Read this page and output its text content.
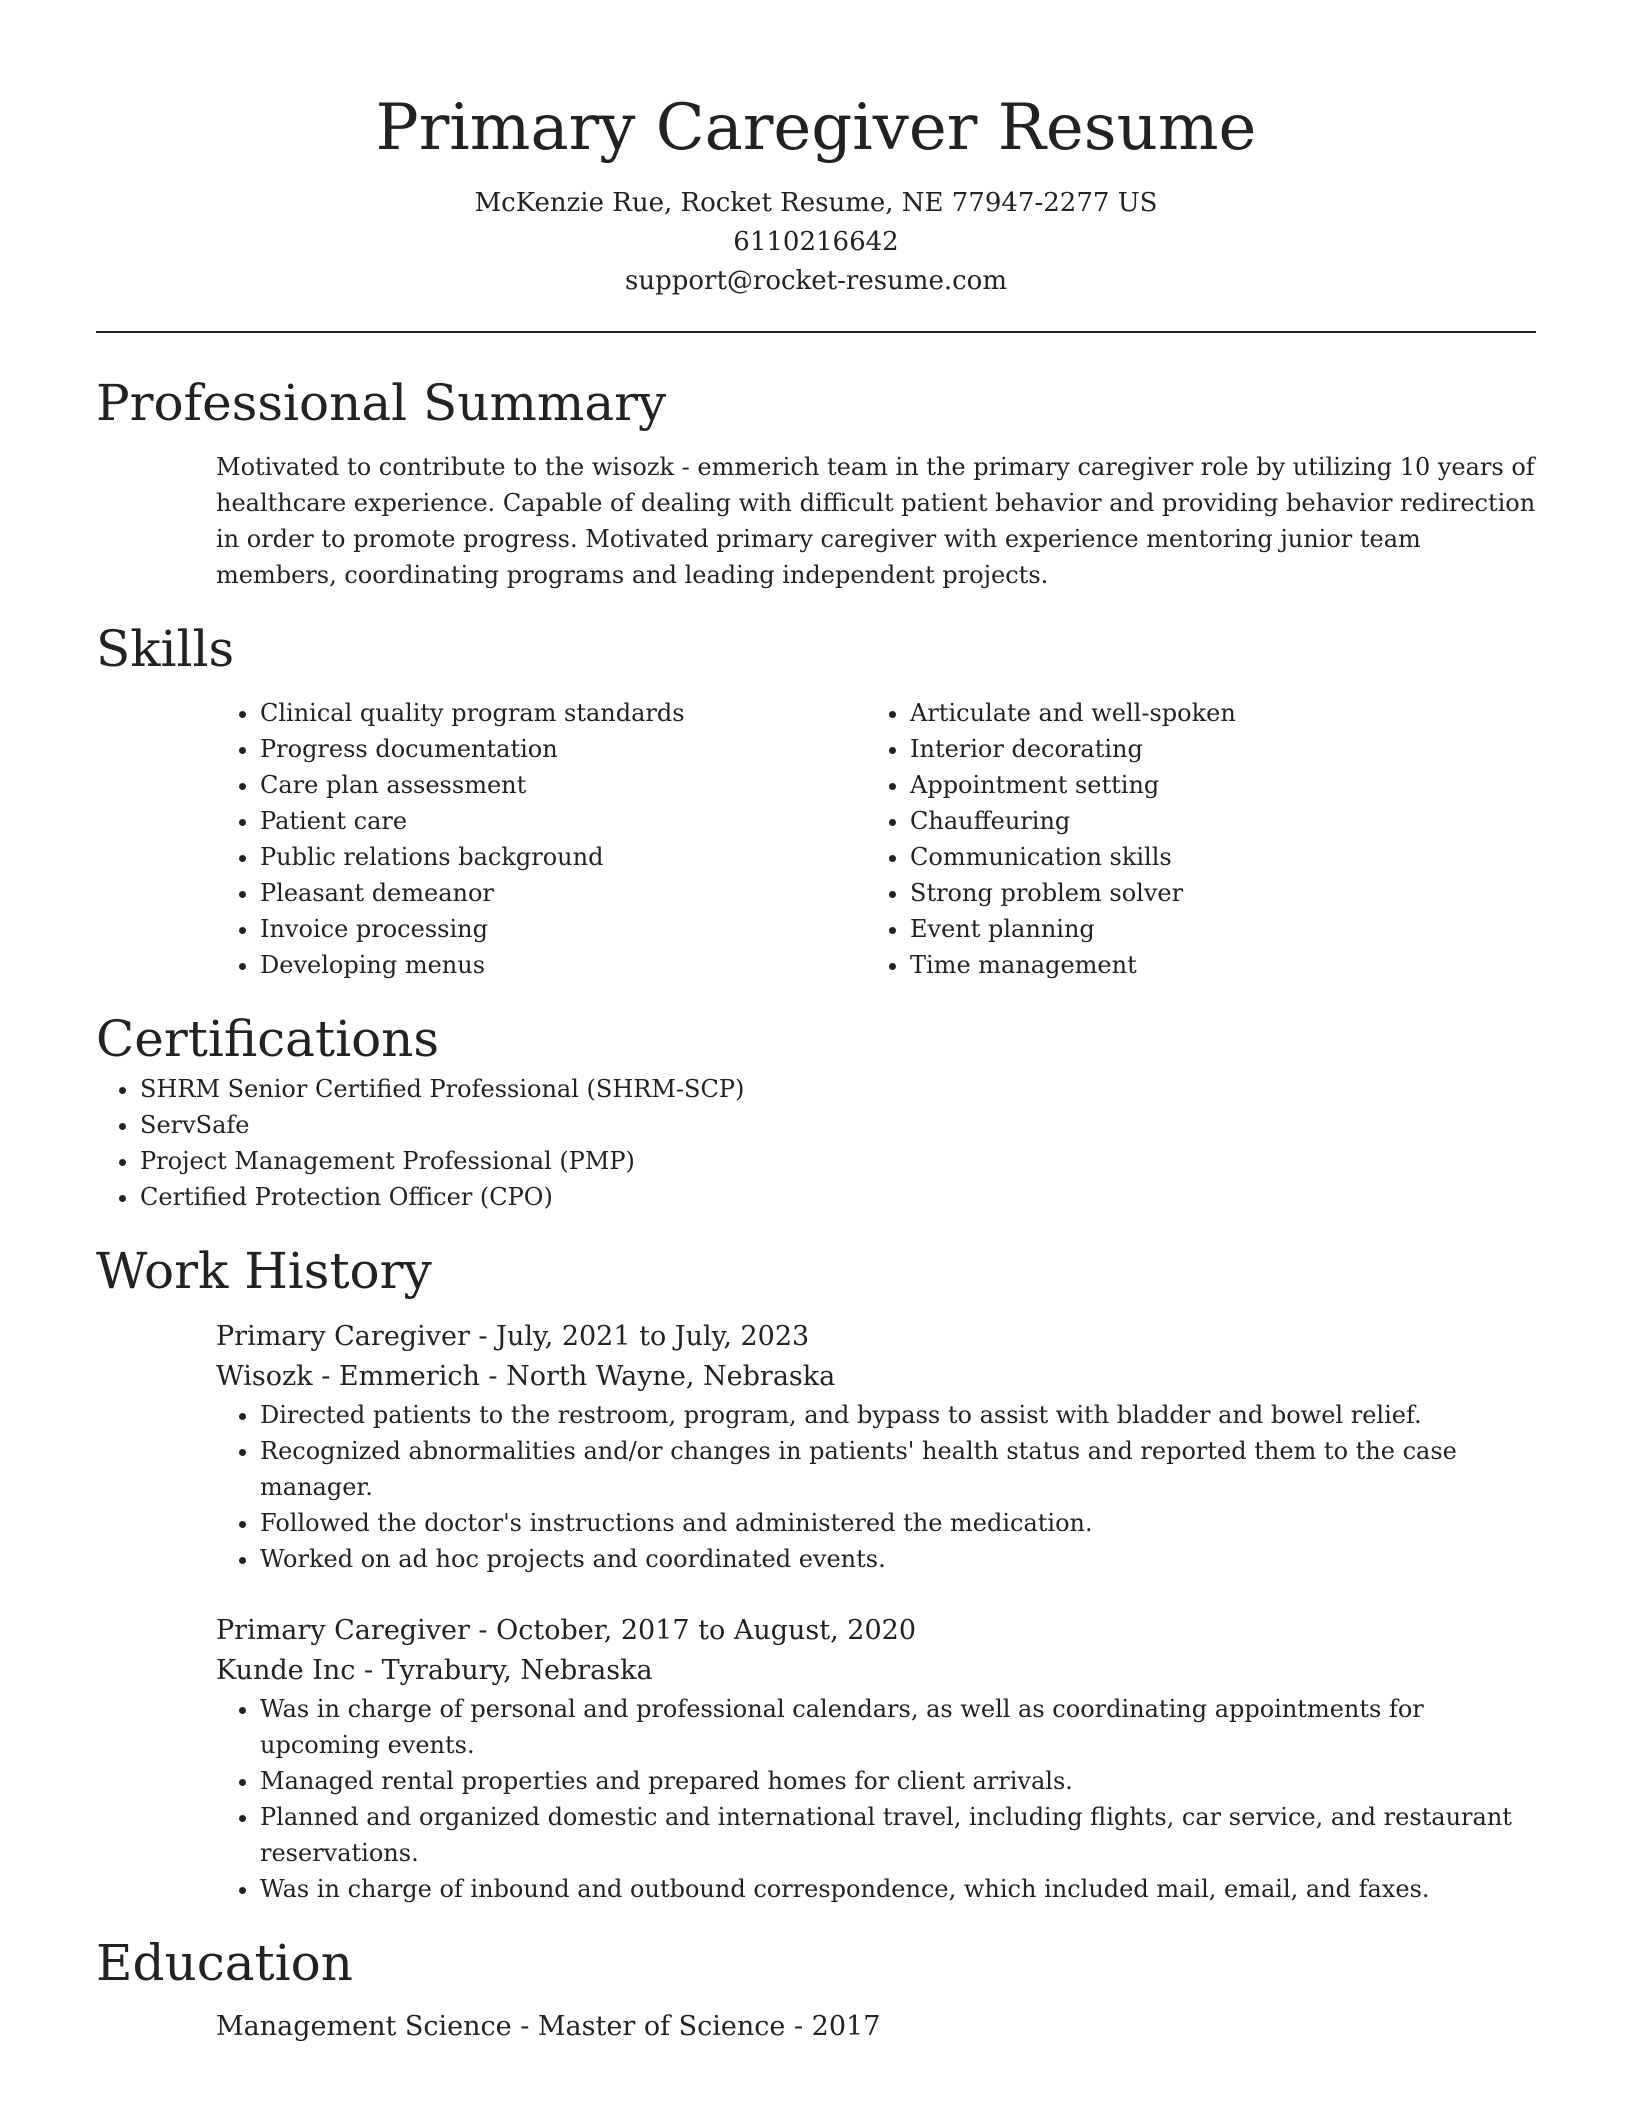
Primary Caregiver Resume
McKenzie Rue, Rocket Resume, NE 77947-2277 US
6110216642
support@rocket-resume.com
Professional Summary

Motivated to contribute to the wisozk - emmerich team in the primary caregiver role by utilizing 10 years of healthcare experience. Capable of dealing with difficult patient behavior and providing behavior redirection in order to promote progress. Motivated primary caregiver with experience mentoring junior team members, coordinating programs and leading independent projects.

Skills
• Clinical quality program standards
• Progress documentation
• Care plan assessment
• Patient care
• Public relations background
• Pleasant demeanor
• Invoice processing
• Developing menus
• Articulate and well-spoken
• Interior decorating
• Appointment setting
• Chauffeuring
• Communication skills
• Strong problem solver
• Event planning
• Time management
Certifications
• SHRM Senior Certified Professional (SHRM-SCP)
• ServSafe
• Project Management Professional (PMP)
• Certified Protection Officer (CPO)
Work History
Primary Caregiver - July, 2021 to July, 2023
Wisozk - Emmerich - North Wayne, Nebraska
• Directed patients to the restroom, program, and bypass to assist with bladder and bowel relief.
• Recognized abnormalities and/or changes in patients' health status and reported them to the case manager.
• Followed the doctor's instructions and administered the medication.
• Worked on ad hoc projects and coordinated events.
Primary Caregiver - October, 2017 to August, 2020
Kunde Inc - Tyrabury, Nebraska
• Was in charge of personal and professional calendars, as well as coordinating appointments for upcoming events.
• Managed rental properties and prepared homes for client arrivals.
• Planned and organized domestic and international travel, including flights, car service, and restaurant reservations.
• Was in charge of inbound and outbound correspondence, which included mail, email, and faxes.
Education
Management Science - Master of Science - 2017
